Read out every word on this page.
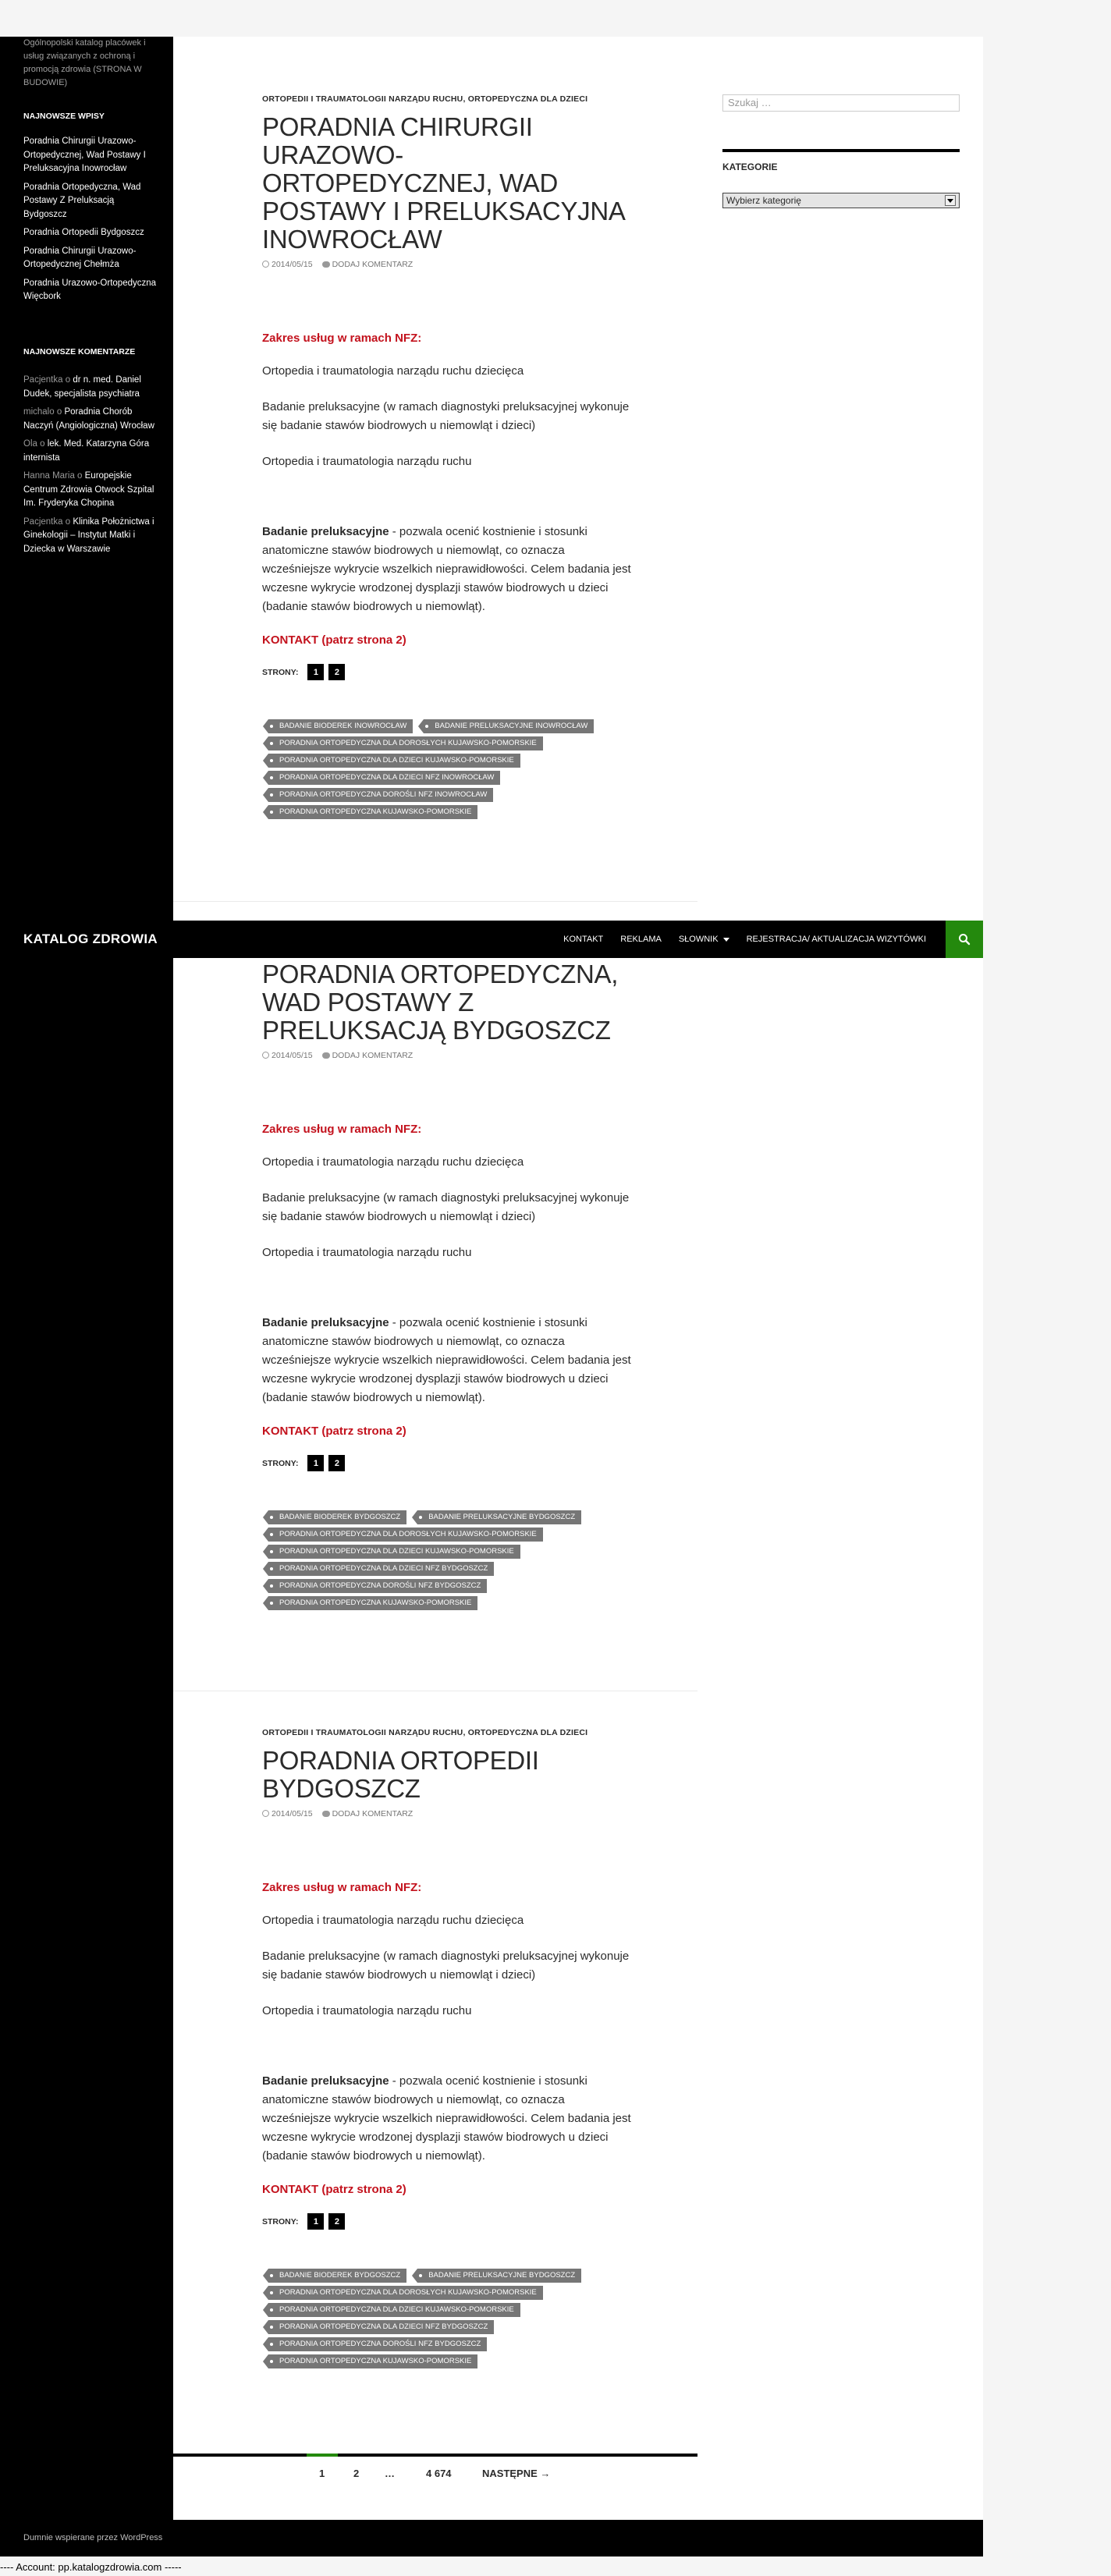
Ogólnopolski katalog placówek i usług związanych z ochroną i promocją zdrowia (STRONA W BUDOWIE)
NAJNOWSZE WPISY
Poradnia Chirurgii Urazowo-Ortopedycznej, Wad Postawy I Preluksacyjna Inowrocław
Poradnia Ortopedyczna, Wad Postawy Z Preluksacją Bydgoszcz
Poradnia Ortopedii Bydgoszcz
Poradnia Chirurgii Urazowo-Ortopedycznej Chełmża
Poradnia Urazowo-Ortopedyczna Więcbork
NAJNOWSZE KOMENTARZE
Pacjentka o dr n. med. Daniel Dudek, specjalista psychiatra
michalo o Poradnia Chorób Naczyń (Angiologiczna) Wrocław
Ola o lek. Med. Katarzyna Góra internista
Hanna Maria o Europejskie Centrum Zdrowia Otwock Szpital Im. Fryderyka Chopina
Pacjentka o Klinika Położnictwa i Ginekologii – Instytut Matki i Dziecka w Warszawie
Szukaj …
KATEGORIE
Wybierz kategorię
ORTOPEDII I TRAUMATOLOGII NARZĄDU RUCHU, ORTOPEDYCZNA DLA DZIECI
PORADNIA CHIRURGII URAZOWO-ORTOPEDYCZNEJ, WAD POSTAWY I PRELUKSACYJNA INOWROCŁAW
2014/05/15	DODAJ KOMENTARZ
Zakres usług w ramach NFZ:
Ortopedia i traumatologia narządu ruchu dziecięca
Badanie preluksacyjne (w ramach diagnostyki preluksacyjnej wykonuje się badanie stawów biodrowych u niemowląt i dzieci)
Ortopedia i traumatologia narządu ruchu
Badanie preluksacyjne - pozwala ocenić kostnienie i stosunki anatomiczne stawów biodrowych u niemowląt, co oznacza wcześniejsze wykrycie wszelkich nieprawidłowości. Celem badania jest wczesne wykrycie wrodzonej dysplazji stawów biodrowych u dzieci (badanie stawów biodrowych u niemowląt).
KONTAKT (patrz strona 2)
STRONY:	1	2
BADANIE BIODEREK INOWROCŁAW	BADANIE PRELUKSACYJNE INOWROCŁAW
PORADNIA ORTOPEDYCZNA DLA DOROSŁYCH KUJAWSKO-POMORSKIE
PORADNIA ORTOPEDYCZNA DLA DZIECI KUJAWSKO-POMORSKIE
PORADNIA ORTOPEDYCZNA DLA DZIECI NFZ INOWROCŁAW
PORADNIA ORTOPEDYCZNA DOROŚLI NFZ INOWROCŁAW
PORADNIA ORTOPEDYCZNA KUJAWSKO-POMORSKIE
PORADNIA ORTOPEDYCZNA, WAD POSTAWY Z PRELUKSACJĄ BYDGOSZCZ
2014/05/15	DODAJ KOMENTARZ
Zakres usług w ramach NFZ:
Ortopedia i traumatologia narządu ruchu dziecięca
Badanie preluksacyjne (w ramach diagnostyki preluksacyjnej wykonuje się badanie stawów biodrowych u niemowląt i dzieci)
Ortopedia i traumatologia narządu ruchu
Badanie preluksacyjne - pozwala ocenić kostnienie i stosunki anatomiczne stawów biodrowych u niemowląt, co oznacza wcześniejsze wykrycie wszelkich nieprawidłowości. Celem badania jest wczesne wykrycie wrodzonej dysplazji stawów biodrowych u dzieci (badanie stawów biodrowych u niemowląt).
KONTAKT (patrz strona 2)
STRONY:	1	2
BADANIE BIODEREK BYDGOSZCZ	BADANIE PRELUKSACYJNE BYDGOSZCZ
PORADNIA ORTOPEDYCZNA DLA DOROSŁYCH KUJAWSKO-POMORSKIE
PORADNIA ORTOPEDYCZNA DLA DZIECI KUJAWSKO-POMORSKIE
PORADNIA ORTOPEDYCZNA DLA DZIECI NFZ BYDGOSZCZ
PORADNIA ORTOPEDYCZNA DOROŚLI NFZ BYDGOSZCZ
PORADNIA ORTOPEDYCZNA KUJAWSKO-POMORSKIE
ORTOPEDII I TRAUMATOLOGII NARZĄDU RUCHU, ORTOPEDYCZNA DLA DZIECI
PORADNIA ORTOPEDII BYDGOSZCZ
2014/05/15	DODAJ KOMENTARZ
Zakres usług w ramach NFZ:
Ortopedia i traumatologia narządu ruchu dziecięca
Badanie preluksacyjne (w ramach diagnostyki preluksacyjnej wykonuje się badanie stawów biodrowych u niemowląt i dzieci)
Ortopedia i traumatologia narządu ruchu
Badanie preluksacyjne - pozwala ocenić kostnienie i stosunki anatomiczne stawów biodrowych u niemowląt, co oznacza wcześniejsze wykrycie wszelkich nieprawidłowości. Celem badania jest wczesne wykrycie wrodzonej dysplazji stawów biodrowych u dzieci (badanie stawów biodrowych u niemowląt).
KONTAKT (patrz strona 2)
STRONY:	1	2
BADANIE BIODEREK BYDGOSZCZ	BADANIE PRELUKSACYJNE BYDGOSZCZ
PORADNIA ORTOPEDYCZNA DLA DOROSŁYCH KUJAWSKO-POMORSKIE
PORADNIA ORTOPEDYCZNA DLA DZIECI KUJAWSKO-POMORSKIE
PORADNIA ORTOPEDYCZNA DLA DZIECI NFZ BYDGOSZCZ
PORADNIA ORTOPEDYCZNA DOROŚLI NFZ BYDGOSZCZ
PORADNIA ORTOPEDYCZNA KUJAWSKO-POMORSKIE
1	2	…	4 674	NASTĘPNE →
KATALOG ZDROWIA	KONTAKT	REKLAMA	SŁOWNIK	REJESTRACJA/ AKTUALIZACJA WIZYTÓWKI
Dumnie wspierane przez WordPress
---- Account: pp.katalogzdrowia.com -----
